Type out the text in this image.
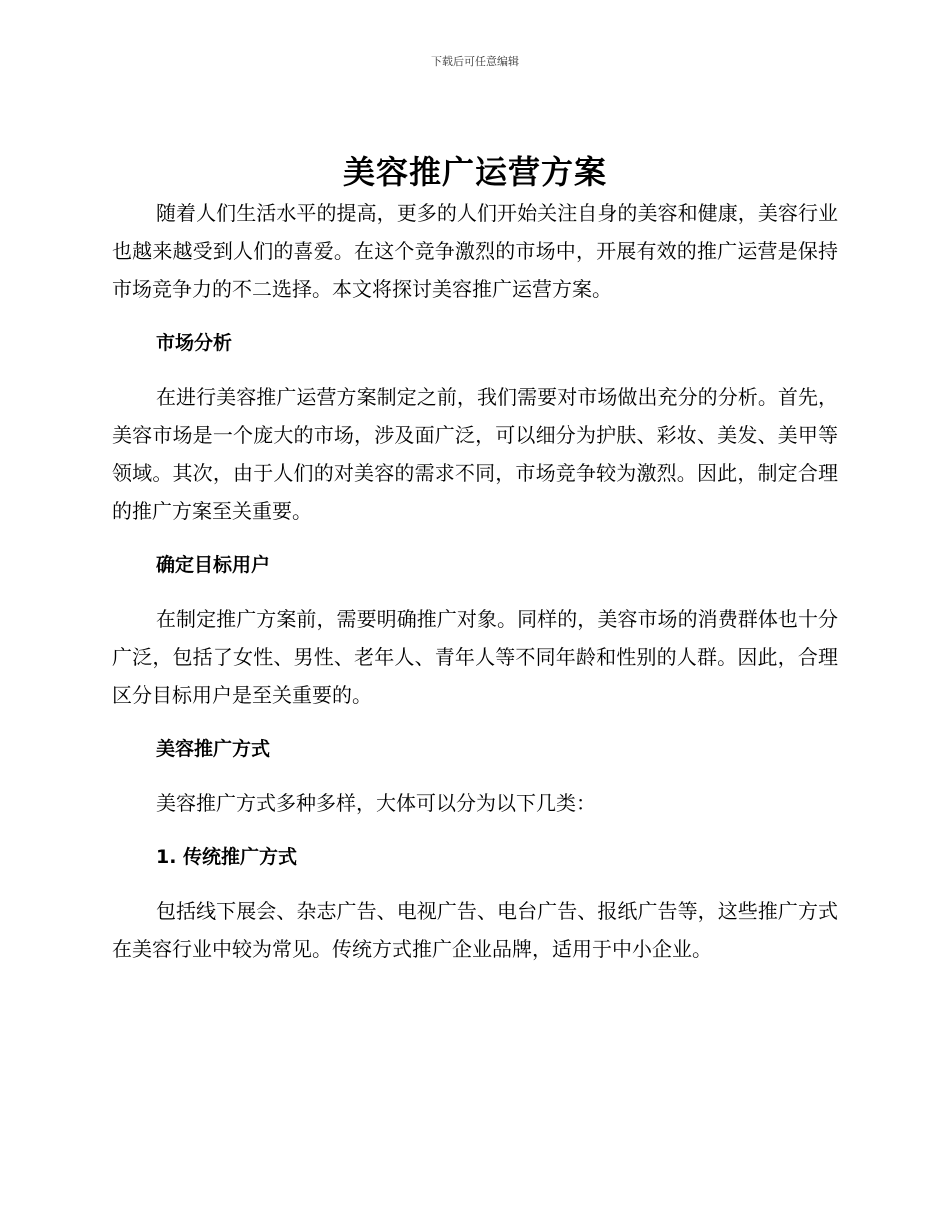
下载后可任意编辑
美容推广运营方案

随着人们生活水平的提高，更多的人们开始关注自身的美容和健康，美容行业也越来越受到人们的喜爱。在这个竞争激烈的市场中，开展有效的推广运营是保持市场竞争力的不二选择。本文将探讨美容推广运营方案。

市场分析

在进行美容推广运营方案制定之前，我们需要对市场做出充分的分析。首先，美容市场是一个庞大的市场，涉及面广泛，可以细分为护肤、彩妆、美发、美甲等领域。其次，由于人们的对美容的需求不同，市场竞争较为激烈。因此，制定合理的推广方案至关重要。

确定目标用户

在制定推广方案前，需要明确推广对象。同样的，美容市场的消费群体也十分广泛，包括了女性、男性、老年人、青年人等不同年龄和性别的人群。因此，合理区分目标用户是至关重要的。

美容推广方式

美容推广方式多种多样，大体可以分为以下几类：

1. 传统推广方式

包括线下展会、杂志广告、电视广告、电台广告、报纸广告等，这些推广方式在美容行业中较为常见。传统方式推广企业品牌，适用于中小企业。
